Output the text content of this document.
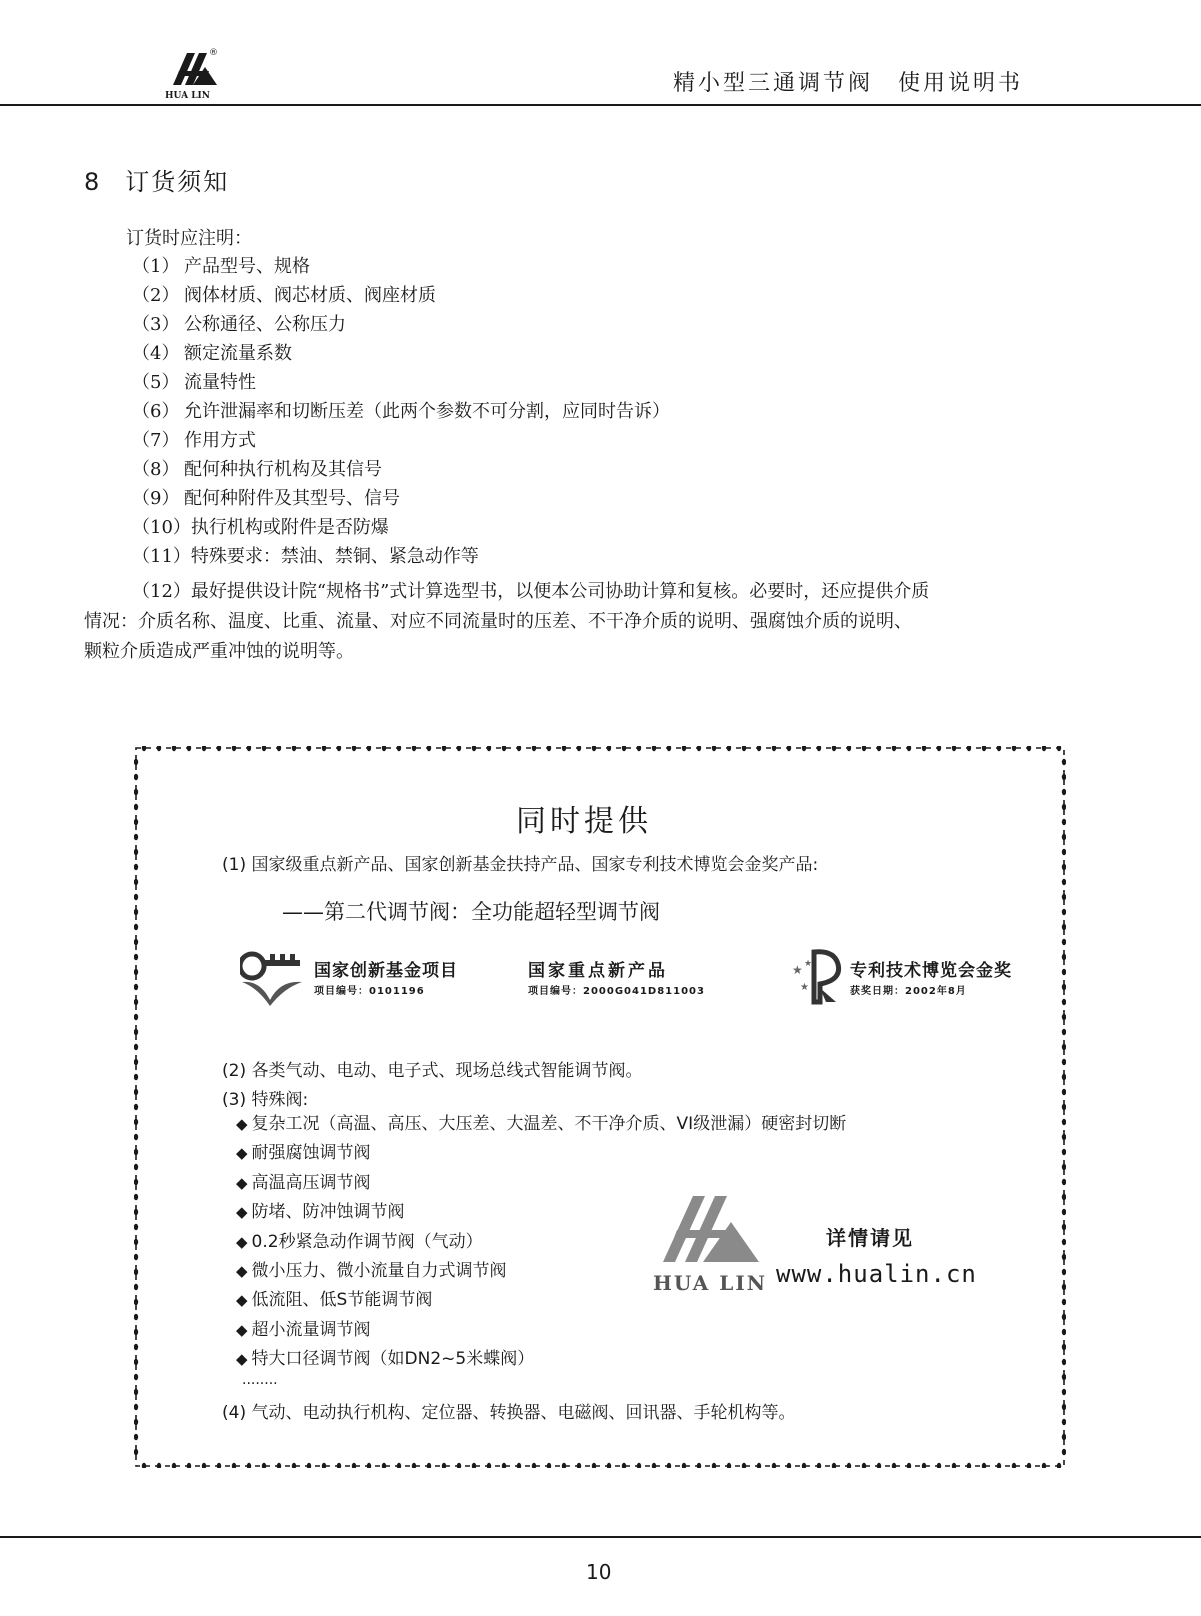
®
HUA LIN	精小型三通调节阀　使用说明书
8 订货须知
订货时应注明：
（1） 产品型号、规格
（2） 阀体材质、阀芯材质、阀座材质
（3） 公称通径、公称压力
（4） 额定流量系数
（5） 流量特性
（6） 允许泄漏率和切断压差（此两个参数不可分割，应同时告诉）
（7） 作用方式
（8） 配何种执行机构及其信号
（9） 配何种附件及其型号、信号
（10）执行机构或附件是否防爆
（11）特殊要求：禁油、禁铜、紧急动作等
（12）最好提供设计院“规格书”式计算选型书，以便本公司协助计算和复核。必要时，还应提供介质
情况：介质名称、温度、比重、流量、对应不同流量时的压差、不干净介质的说明、强腐蚀介质的说明、
颗粒介质造成严重冲蚀的说明等。
同时提供
(1) 国家级重点新产品、国家创新基金扶持产品、国家专利技术博览会金奖产品:
——第二代调节阀：全功能超轻型调节阀
国家创新基金项目
项目编号：0101196
国家重点新产品
项目编号：2000G041D811003
★
★
★ 专利技术博览会金奖
获奖日期：2002年8月
(2) 各类气动、电动、电子式、现场总线式智能调节阀。
(3) 特殊阀:
◆ 复杂工况（高温、高压、大压差、大温差、不干净介质、VI级泄漏）硬密封切断
◆ 耐强腐蚀调节阀
◆ 高温高压调节阀
◆ 防堵、防冲蚀调节阀
◆ 0.2秒紧急动作调节阀（气动）
◆ 微小压力、微小流量自力式调节阀
◆ 低流阻、低S节能调节阀
◆ 超小流量调节阀
◆ 特大口径调节阀（如DN2~5米蝶阀）
........
(4) 气动、电动执行机构、定位器、转换器、电磁阀、回讯器、手轮机构等。
HUA LIN
详情请见
www.hualin.cn
10
